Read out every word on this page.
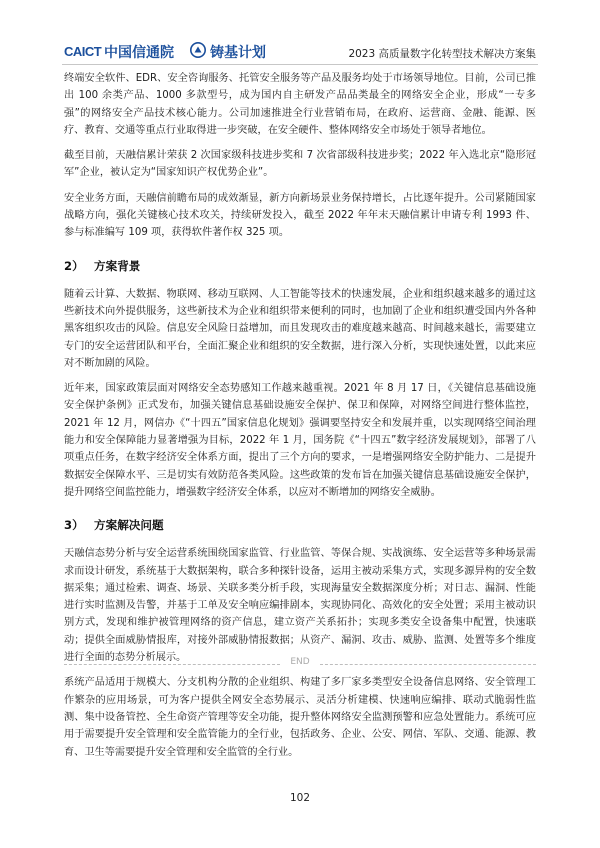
CAICT 中国信通院	铸基计划	2023 高质量数字化转型技术解决方案集

终端安全软件、EDR、安全咨询服务、托管安全服务等产品及服务均处于市场领导地位。目前，公司已推出 100 余类产品、1000 多款型号，成为国内自主研发产品品类最全的网络安全企业，形成“一专多强”的网络安全产品技术核心能力。公司加速推进全行业营销布局，在政府、运营商、金融、能源、医疗、教育、交通等重点行业取得进一步突破，在安全硬件、整体网络安全市场处于领导者地位。

截至目前，天融信累计荣获 2 次国家级科技进步奖和 7 次省部级科技进步奖；2022 年入选北京“隐形冠军”企业，被认定为“国家知识产权优势企业”。

安全业务方面，天融信前瞻布局的成效渐显，新方向新场景业务保持增长，占比逐年提升。公司紧随国家战略方向，强化关键核心技术攻关，持续研发投入，截至 2022 年年末天融信累计申请专利 1993 件、参与标准编写 109 项，获得软件著作权 325 项。

2） 方案背景

随着云计算、大数据、物联网、移动互联网、人工智能等技术的快速发展，企业和组织越来越多的通过这些新技术向外提供服务，这些新技术为企业和组织带来便利的同时，也加剧了企业和组织遭受国内外各种黑客组织攻击的风险。信息安全风险日益增加，而且发现攻击的难度越来越高、时间越来越长，需要建立专门的安全运营团队和平台，全面汇聚企业和组织的安全数据，进行深入分析，实现快速处置，以此来应对不断加剧的风险。

近年来，国家政策层面对网络安全态势感知工作越来越重视。2021 年 8 月 17 日，《关键信息基础设施安全保护条例》正式发布，加强关键信息基础设施安全保护、保卫和保障，对网络空间进行整体监控，2021 年 12 月，网信办《“十四五”国家信息化规划》强调要坚持安全和发展并重，以实现网络空间治理能力和安全保障能力显著增强为目标，2022 年 1 月，国务院《“十四五”数字经济发展规划》，部署了八项重点任务，在数字经济安全体系方面，提出了三个方向的要求，一是增强网络安全防护能力、二是提升数据安全保障水平、三是切实有效防范各类风险。这些政策的发布旨在加强关键信息基础设施安全保护，提升网络空间监控能力，增强数字经济安全体系，以应对不断增加的网络安全威胁。

3） 方案解决问题

天融信态势分析与安全运营系统围绕国家监管、行业监管、等保合规、实战演练、安全运营等多种场景需求而设计研发，系统基于大数据架构，联合多种探针设备，运用主被动采集方式，实现多源异构的安全数据采集；通过检索、调查、场景、关联多类分析手段，实现海量安全数据深度分析；对日志、漏洞、性能进行实时监测及告警，并基于工单及安全响应编排剧本，实现协同化、高效化的安全处置；采用主被动识别方式，发现和维护被管理网络的资产信息，建立资产关系拓扑；实现多类安全设备集中配置，快速联动；提供全面威胁情报库，对接外部威胁情报数据；从资产、漏洞、攻击、威胁、监测、处置等多个维度进行全面的态势分析展示。

系统产品适用于规模大、分支机构分散的企业组织、构建了多厂家多类型安全设备信息网络、安全管理工作繁杂的应用场景，可为客户提供全网安全态势展示、灵活分析建模、快速响应编排、联动式脆弱性监测、集中设备管控、全生命资产管理等安全功能，提升整体网络安全监测预警和应急处置能力。系统可应用于需要提升安全管理和安全监管能力的全行业，包括政务、企业、公安、网信、军队、交通、能源、教育、卫生等需要提升安全管理和安全监管的全行业。

END
102
